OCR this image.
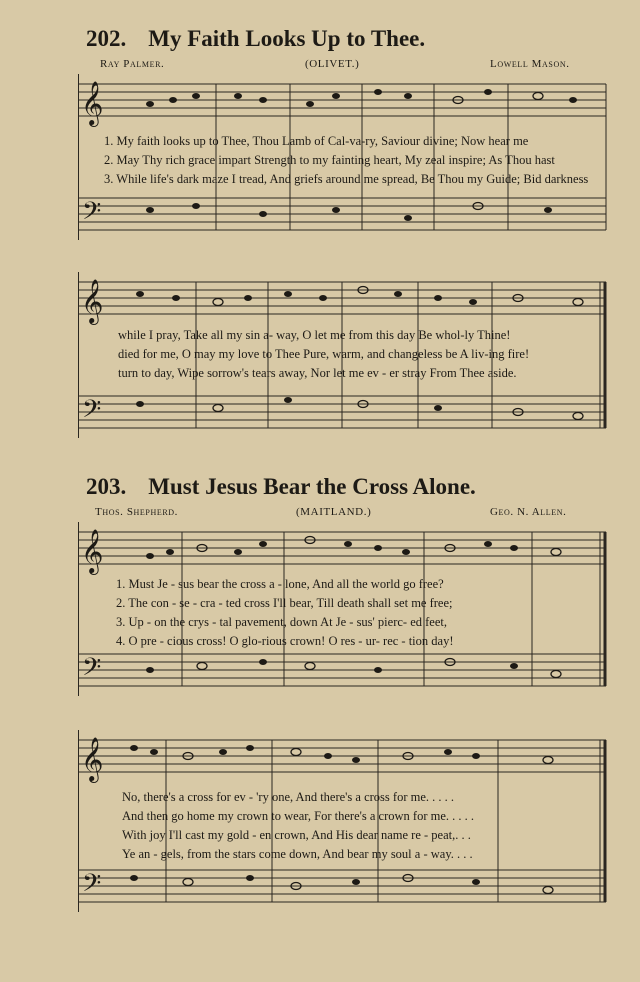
202. My Faith Looks Up to Thee.
Ray Palmer.	(OLIVET.)	Lowell Mason.
𝄞
𝄢
1. My faith looks up to Thee, Thou Lamb of Cal-va-ry, Saviour divine; Now hear me
2. May Thy rich grace impart Strength to my fainting heart, My zeal inspire; As Thou hast
3. While life's dark maze I tread, And griefs around me spread, Be Thou my Guide; Bid darkness
𝄞
𝄢
while I pray, Take all my sin a- way, O let me from this day Be whol-ly Thine!
died for me, O may my love to Thee Pure, warm, and changeless be A liv-ing fire!
turn to day, Wipe sorrow's tears away, Nor let me ev - er stray From Thee aside.
203. Must Jesus Bear the Cross Alone.
Thos. Shepherd.	(MAITLAND.)	Geo. N. Allen.
𝄞
𝄢
1. Must Je - sus bear the cross a - lone, And all the world go free?
2. The con - se - cra - ted cross I'll bear, Till death shall set me free;
3. Up - on the crys - tal pavement, down At Je - sus' pierc- ed feet,
4. O pre - cious cross! O glo-rious crown! O res - ur- rec - tion day!
𝄞
𝄢
No, there's a cross for ev - 'ry one, And there's a cross for me. . . . .
And then go home my crown to wear, For there's a crown for me. . . . .
With joy I'll cast my gold - en crown, And His dear name re - peat,. . .
Ye an - gels, from the stars come down, And bear my soul a - way. . . .
